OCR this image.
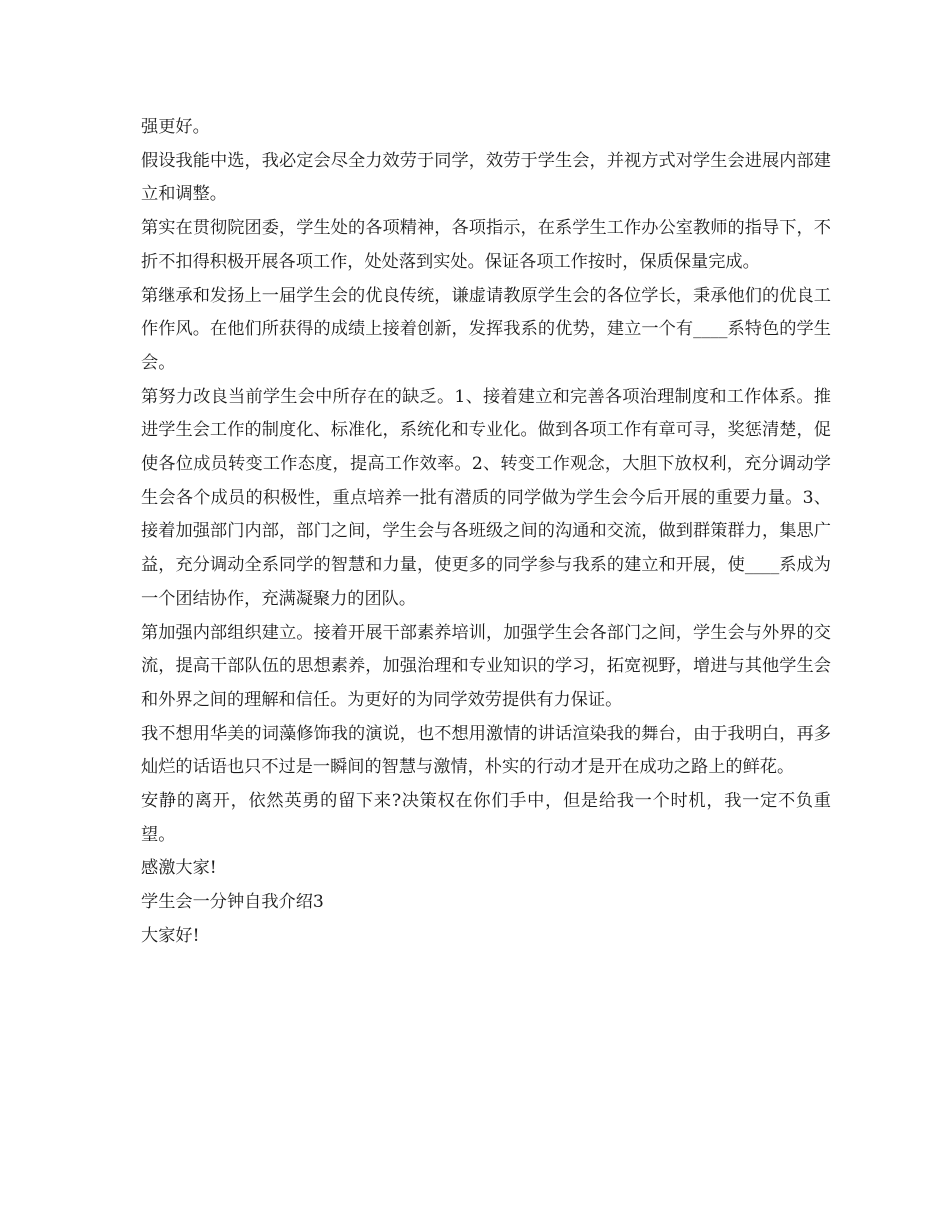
强更好。

假设我能中选，我必定会尽全力效劳于同学，效劳于学生会，并视方式对学生会进展内部建立和调整。

第实在贯彻院团委，学生处的各项精神，各项指示，在系学生工作办公室教师的指导下，不折不扣得积极开展各项工作，处处落到实处。保证各项工作按时，保质保量完成。

第继承和发扬上一届学生会的优良传统，谦虚请教原学生会的各位学长，秉承他们的优良工作作风。在他们所获得的成绩上接着创新，发挥我系的优势，建立一个有____系特色的学生会。

第努力改良当前学生会中所存在的缺乏。1、接着建立和完善各项治理制度和工作体系。推进学生会工作的制度化、标准化，系统化和专业化。做到各项工作有章可寻，奖惩清楚，促使各位成员转变工作态度，提高工作效率。2、转变工作观念，大胆下放权利，充分调动学生会各个成员的积极性，重点培养一批有潜质的同学做为学生会今后开展的重要力量。3、接着加强部门内部，部门之间，学生会与各班级之间的沟通和交流，做到群策群力，集思广益，充分调动全系同学的智慧和力量，使更多的同学参与我系的建立和开展，使____系成为一个团结协作，充满凝聚力的团队。

第加强内部组织建立。接着开展干部素养培训，加强学生会各部门之间，学生会与外界的交流，提高干部队伍的思想素养，加强治理和专业知识的学习，拓宽视野，增进与其他学生会和外界之间的理解和信任。为更好的为同学效劳提供有力保证。

我不想用华美的词藻修饰我的演说，也不想用激情的讲话渲染我的舞台，由于我明白，再多灿烂的话语也只不过是一瞬间的智慧与激情，朴实的行动才是开在成功之路上的鲜花。

安静的离开，依然英勇的留下来?决策权在你们手中，但是给我一个时机，我一定不负重望。

感激大家!

学生会一分钟自我介绍3

大家好!
